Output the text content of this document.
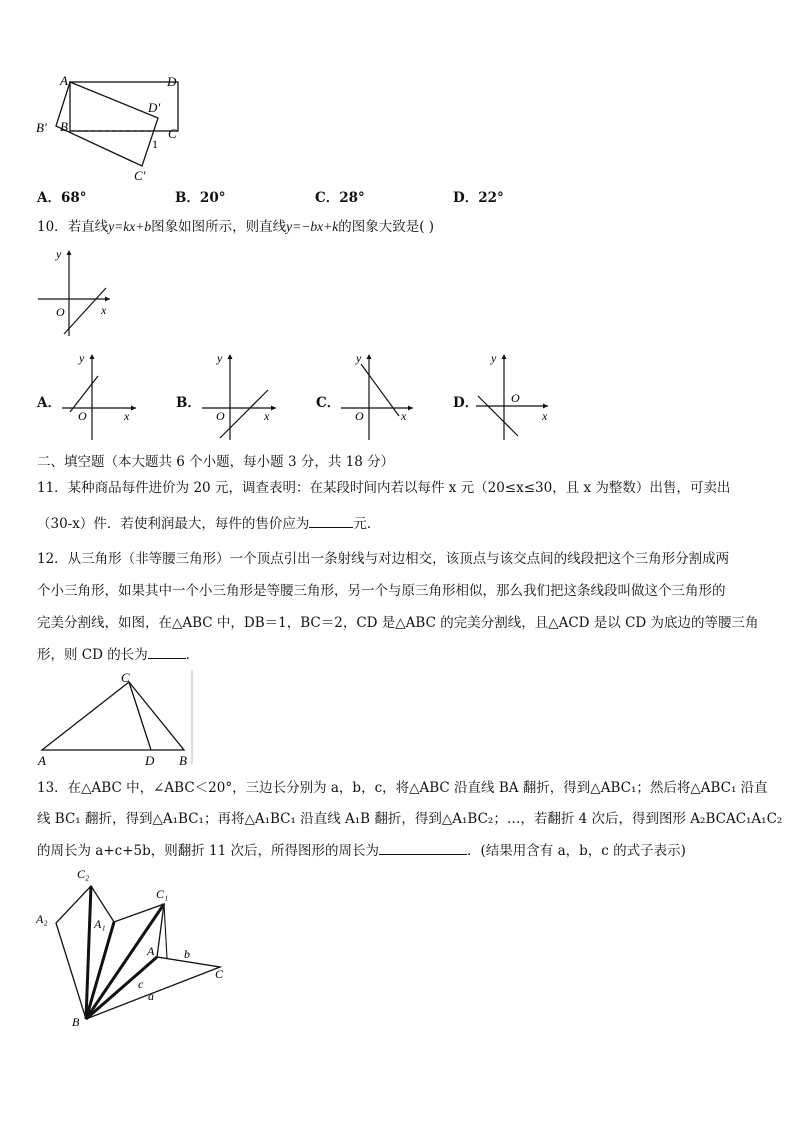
A	D
D′
B′ B	C
1
C′
A．68°	B．20°	C．28°	D．22°
10．若直线y=kx+b图象如图所示，则直线y=−bx+k的图象大致是( )
y
x
O
A．
y
x
O
B．
y
x
O
C．
y
x
O
D．
y
x
O
二、填空题（本大题共 6 个小题，每小题 3 分，共 18 分）
11．某种商品每件进价为 20 元，调查表明：在某段时间内若以每件 x 元（20≤x≤30，且 x 为整数）出售，可卖出
（30-x）件．若使利润最大，每件的售价应为	元．
12．从三角形（非等腰三角形）一个顶点引出一条射线与对边相交，该顶点与该交点间的线段把这个三角形分割成两
个小三角形，如果其中一个小三角形是等腰三角形，另一个与原三角形相似，那么我们把这条线段叫做这个三角形的
完美分割线，如图，在△ABC 中，DB＝1，BC＝2，CD 是△ABC 的完美分割线，且△ACD 是以 CD 为底边的等腰三角
形，则 CD 的长为	．
C
A	D B
13．在△ABC 中，∠ABC＜20°，三边长分别为 a，b，c，将△ABC 沿直线 BA 翻折，得到△ABC₁；然后将△ABC₁ 沿直
线 BC₁ 翻折，得到△A₁BC₁；再将△A₁BC₁ 沿直线 A₁B 翻折，得到△A₁BC₂；…，若翻折 4 次后，得到图形 A₂BCAC₁A₁C₂
的周长为 a+c+5b，则翻折 11 次后，所得图形的周长为	．(结果用含有 a，b，c 的式子表示)
C₂
A₂	A₁
C₁
A b
C
c
a
B
